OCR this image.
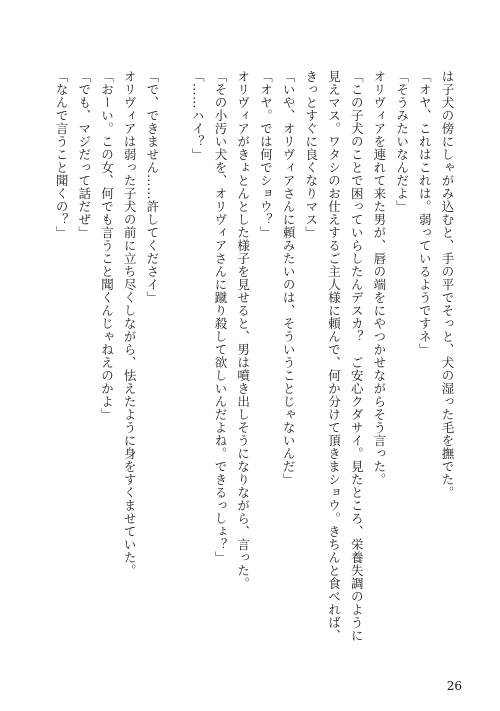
は子犬の傍にしゃがみ込むと、手の平でそっと、犬の湿った毛を撫でた。
「オヤ、これはこれは。弱っているようですネ」
「そうみたいなんだよ」
オリヴィアを連れて来た男が、唇の端をにやつかせながらそう言った。
「この子犬のことで困っていらしたんデスカ？　ご安心クダサイ。見たところ、栄養失調のように
見えマス。ワタシのお仕えするご主人様に頼んで、何か分けて頂きまショウ。きちんと食べれば、
きっとすぐに良くなりマス」
「いや、オリヴィアさんに頼みたいのは、そういうことじゃないんだ」
「オヤ。では何でショウ？」
オリヴィアがきょとんとした様子を見せると、男は噴き出しそうになりながら、言った。
「その小汚い犬を、オリヴィアさんに蹴り殺して欲しいんだよね。できるっしょ？」
「……ハイ？」
「で、できません……許してくださイ」
オリヴィアは弱った子犬の前に立ち尽くしながら、怯えたように身をすくませていた。
「おーい。この女、何でも言うこと聞くんじゃねえのかよ」
「でも、マジだって話だぜ」
「なんで言うこと聞くの？」
26
